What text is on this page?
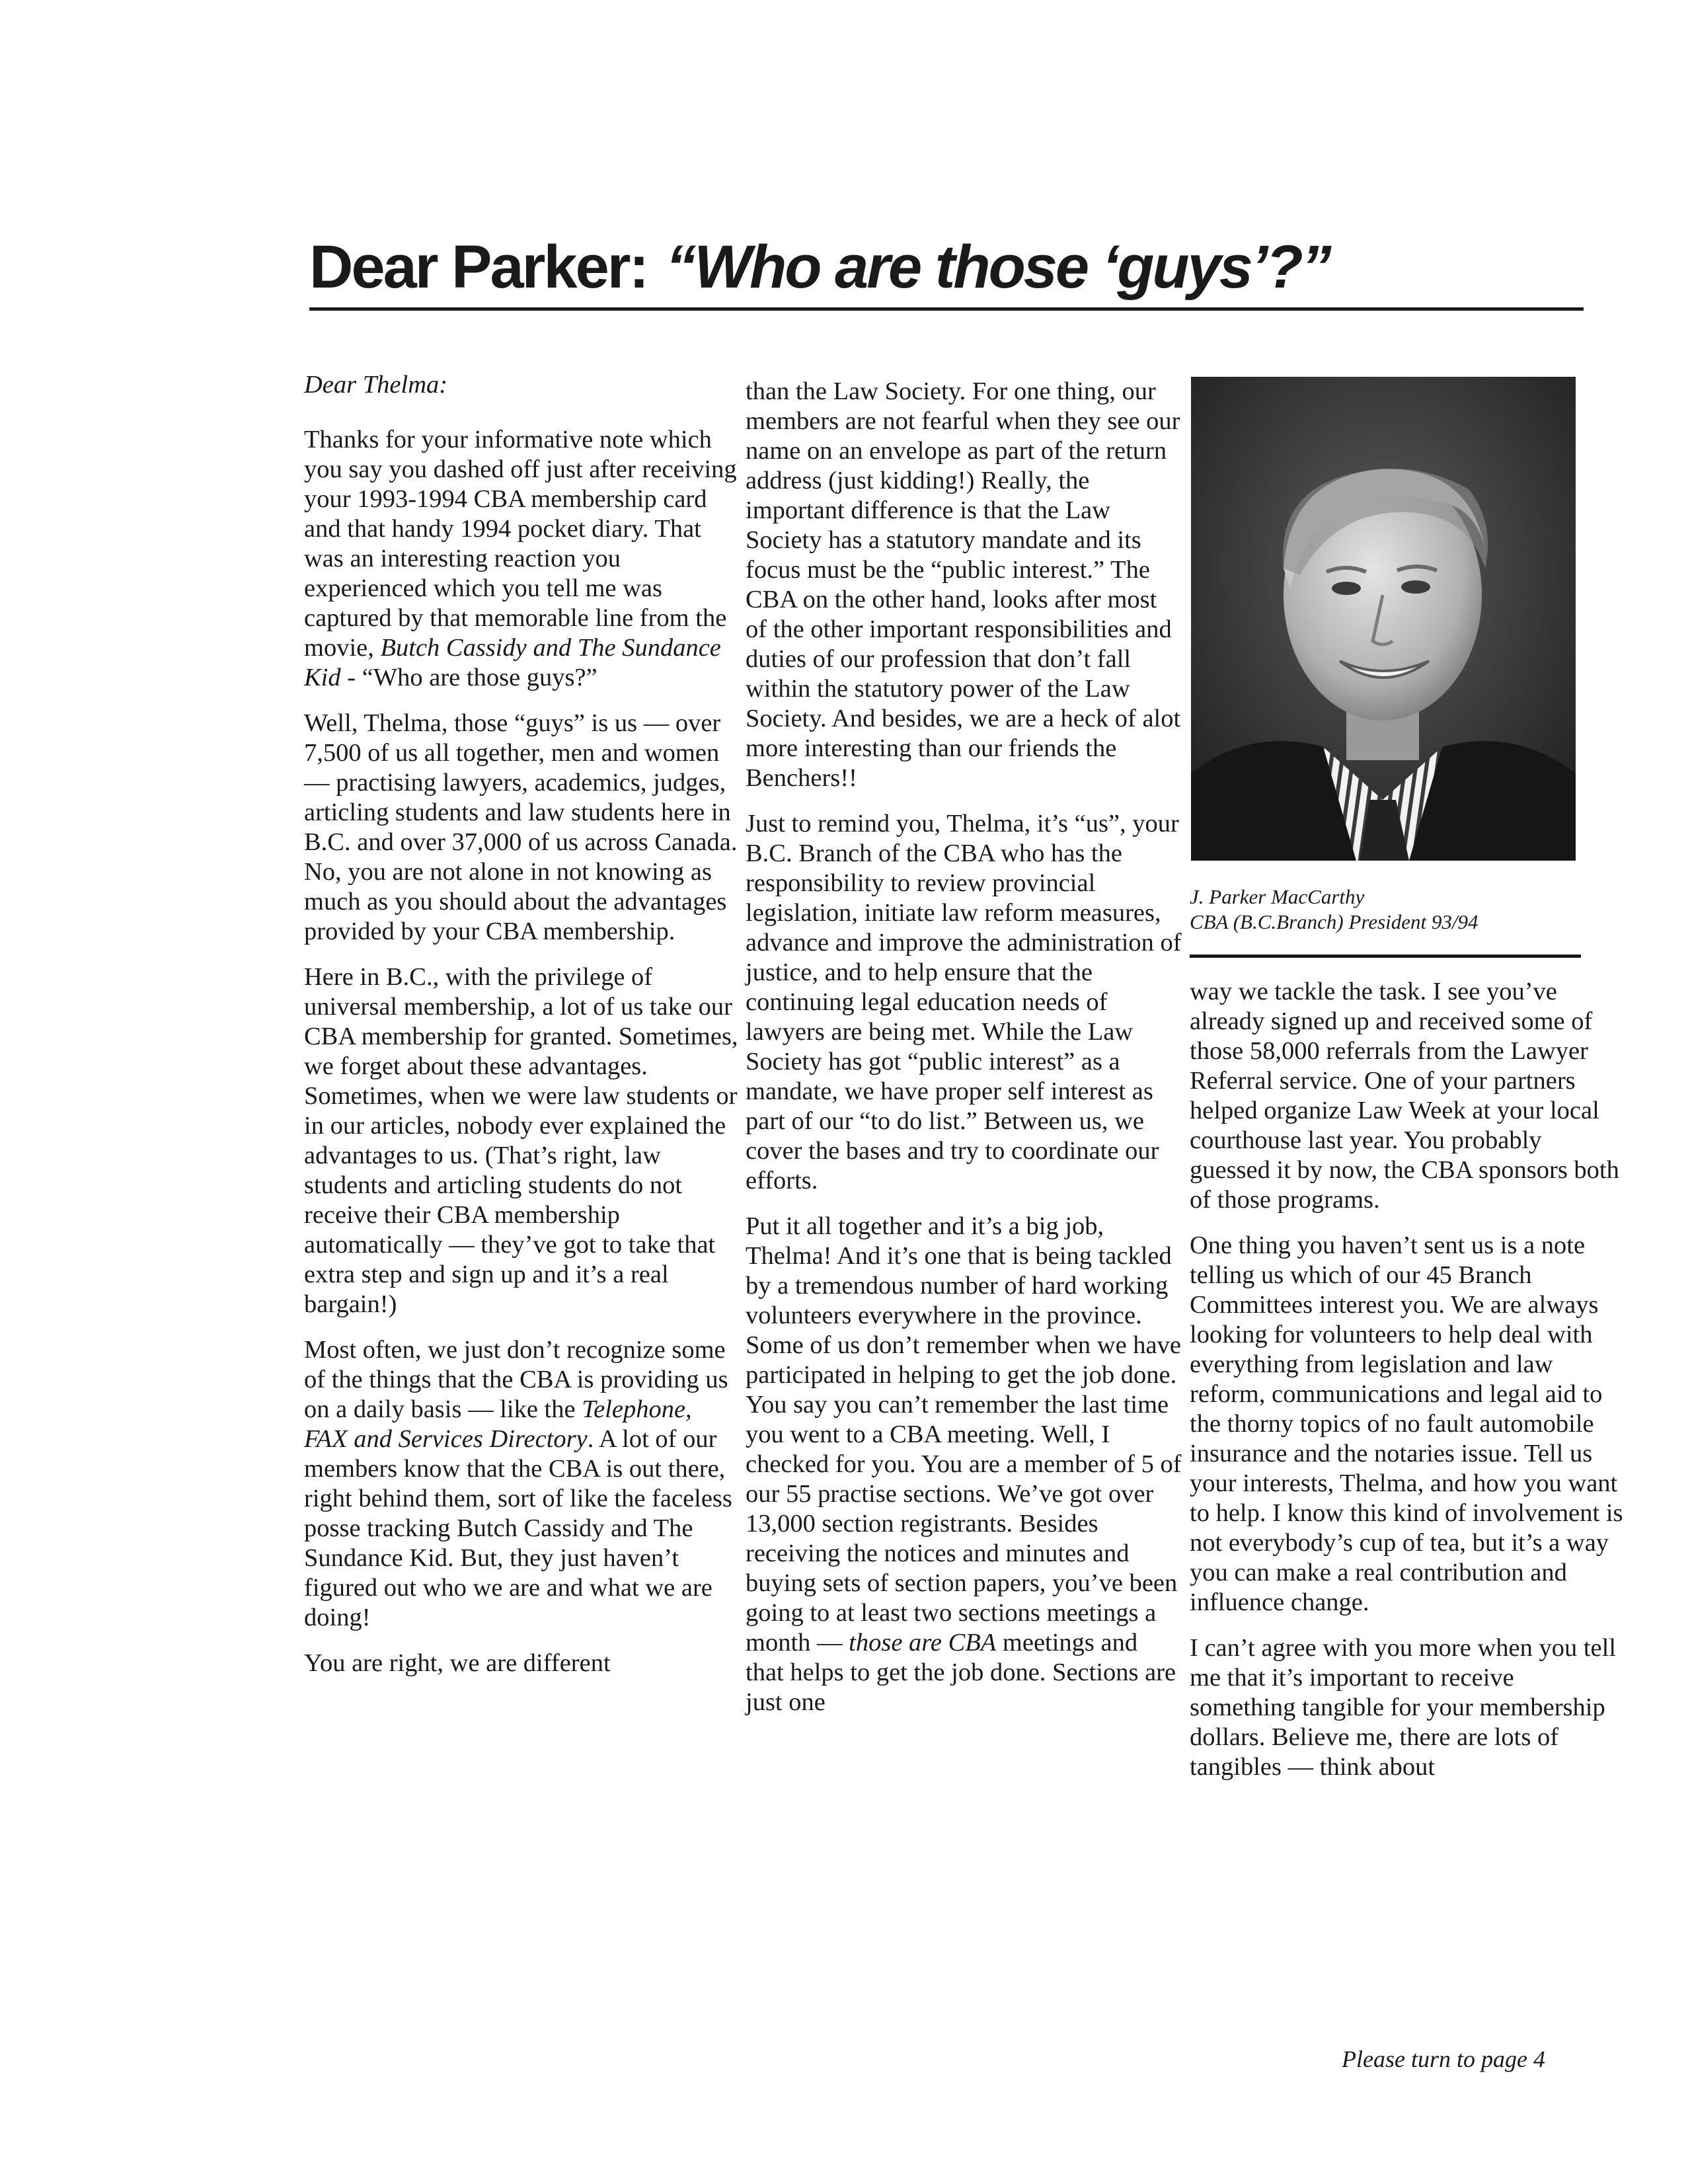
Dear Parker: “Who are those ‘guys’?”

Dear Thelma:

Thanks for your informative note which you say you dashed off just after receiving your 1993-1994 CBA membership card and that handy 1994 pocket diary. That was an interesting reaction you experienced which you tell me was captured by that memorable line from the movie, Butch Cassidy and The Sundance Kid - “Who are those guys?”

Well, Thelma, those “guys” is us — over 7,500 of us all together, men and women — practising lawyers, academics, judges, articling students and law students here in B.C. and over 37,000 of us across Canada. No, you are not alone in not knowing as much as you should about the advantages provided by your CBA membership.

Here in B.C., with the privilege of universal membership, a lot of us take our CBA membership for granted. Sometimes, we forget about these advantages. Sometimes, when we were law students or in our articles, nobody ever explained the advantages to us. (That’s right, law students and articling students do not receive their CBA membership automatically — they’ve got to take that extra step and sign up and it’s a real bargain!)

Most often, we just don’t recognize some of the things that the CBA is providing us on a daily basis — like the Telephone, FAX and Services Directory. A lot of our members know that the CBA is out there, right behind them, sort of like the faceless posse tracking Butch Cassidy and The Sundance Kid. But, they just haven’t figured out who we are and what we are doing!

You are right, we are different

than the Law Society. For one thing, our members are not fearful when they see our name on an envelope as part of the return address (just kidding!) Really, the important difference is that the Law Society has a statutory mandate and its focus must be the “public interest.” The CBA on the other hand, looks after most of the other important responsibilities and duties of our profession that don’t fall within the statutory power of the Law Society. And besides, we are a heck of alot more interesting than our friends the Benchers!!

Just to remind you, Thelma, it’s “us”, your B.C. Branch of the CBA who has the responsibility to review provincial legislation, initiate law reform measures, advance and improve the administration of justice, and to help ensure that the continuing legal education needs of lawyers are being met. While the Law Society has got “public interest” as a mandate, we have proper self interest as part of our “to do list.” Between us, we cover the bases and try to coordinate our efforts.

Put it all together and it’s a big job, Thelma! And it’s one that is being tackled by a tremendous number of hard working volunteers everywhere in the province. Some of us don’t remember when we have participated in helping to get the job done. You say you can’t remember the last time you went to a CBA meeting. Well, I checked for you. You are a member of 5 of our 55 practise sections. We’ve got over 13,000 section registrants. Besides receiving the notices and minutes and buying sets of section papers, you’ve been going to at least two sections meetings a month — those are CBA meetings and that helps to get the job done. Sections are just one

J. Parker MacCarthy
CBA (B.C.Branch) President 93/94

way we tackle the task. I see you’ve already signed up and received some of those 58,000 referrals from the Lawyer Referral service. One of your partners helped organize Law Week at your local courthouse last year. You probably guessed it by now, the CBA sponsors both of those programs.

One thing you haven’t sent us is a note telling us which of our 45 Branch Committees interest you. We are always looking for volunteers to help deal with everything from legislation and law reform, communications and legal aid to the thorny topics of no fault automobile insurance and the notaries issue. Tell us your interests, Thelma, and how you want to help. I know this kind of involvement is not everybody’s cup of tea, but it’s a way you can make a real contribution and influence change.

I can’t agree with you more when you tell me that it’s important to receive something tangible for your membership dollars. Believe me, there are lots of tangibles — think about

Please turn to page 4
